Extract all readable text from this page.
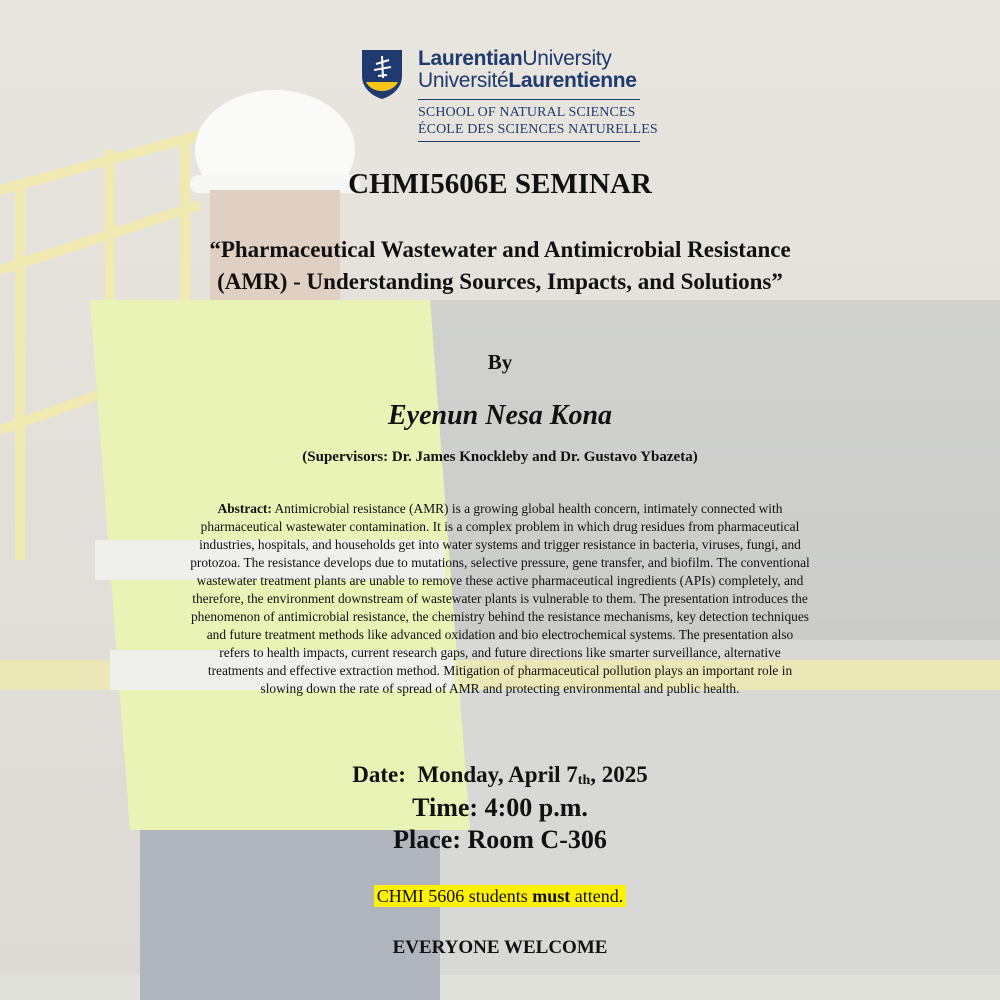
LaurentianUniversity
UniversitéLaurentienne
SCHOOL OF NATURAL SCIENCES
ÉCOLE DES SCIENCES NATURELLES
CHMI5606E SEMINAR
“Pharmaceutical Wastewater and Antimicrobial Resistance (AMR) - Understanding Sources, Impacts, and Solutions”
By
Eyenun Nesa Kona
(Supervisors: Dr. James Knockleby and Dr. Gustavo Ybazeta)

Abstract: Antimicrobial resistance (AMR) is a growing global health concern, intimately connected with pharmaceutical wastewater contamination. It is a complex problem in which drug residues from pharmaceutical industries, hospitals, and households get into water systems and trigger resistance in bacteria, viruses, fungi, and protozoa. The resistance develops due to mutations, selective pressure, gene transfer, and biofilm. The conventional wastewater treatment plants are unable to remove these active pharmaceutical ingredients (APIs) completely, and therefore, the environment downstream of wastewater plants is vulnerable to them. The presentation introduces the phenomenon of antimicrobial resistance, the chemistry behind the resistance mechanisms, key detection techniques and future treatment methods like advanced oxidation and bio electrochemical systems. The presentation also refers to health impacts, current research gaps, and future directions like smarter surveillance, alternative treatments and effective extraction method. Mitigation of pharmaceutical pollution plays an important role in slowing down the rate of spread of AMR and protecting environmental and public health.

Date: Monday, April 7th, 2025
Time: 4:00 p.m.
Place: Room C-306
CHMI 5606 students must attend.
EVERYONE WELCOME
